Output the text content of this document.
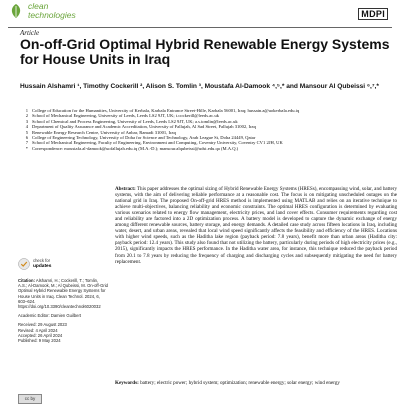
clean
technologies	MDPI
Article
On-off-Grid Optimal Hybrid Renewable Energy Systems for House Units in Iraq
Hussain Alshamri ¹, Timothy Cockerill ², Alison S. Tomlin ³, Moustafa Al-Damook ⁴,⁵,* and Mansour Al Qubeissi ⁶,⁷,*
1 College of Education for the Humanities, University of Kerbala, Karbala Entrance Street-Hille, Karbala 56001, Iraq; hussain.a@uokerbala.edu.iq
2 School of Mechanical Engineering, University of Leeds, Leeds LS2 9JT, UK; t.cockerill@leeds.ac.uk
3 School of Chemical and Process Engineering, University of Leeds, Leeds LS2 9JT, UK; a.s.tomlin@leeds.ac.uk
4 Department of Quality Assurance and Academic Accreditation, University of Fallujah, Al Sad Street, Fallujah 31002, Iraq
5 Renewable Energy Research Centre, University of Anbar, Ramadi 31001, Iraq
6 College of Engineering Technology, University of Doha for Science and Technology, Arab League St, Doha 24449, Qatar
7 School of Mechanical Engineering, Faculty of Engineering, Environment and Computing, Coventry University, Coventry CV1 2JH, UK
* Correspondence: moustafa.al-damook@uofallujah.edu.iq (M.A.-D.); mansour.alqubeissi@udst.edu.qa (M.A.Q.)

Abstract: This paper addresses the optimal sizing of Hybrid Renewable Energy Systems (HRESs), encompassing wind, solar, and battery systems, with the aim of delivering reliable performance at a reasonable cost. The focus is on mitigating unscheduled outages on the national grid in Iraq. The proposed On-off-grid HRES method is implemented using MATLAB and relies on an iterative technique to achieve multi-objectives, balancing reliability and economic constraints. The optimal HRES configuration is determined by evaluating various scenarios related to energy flow management, electricity prices, and land cover effects. Consumer requirements regarding cost and reliability are factored into a 2D optimization process. A battery model is developed to capture the dynamic exchange of energy among different renewable sources, battery storage, and energy demands. A detailed case study across fifteen locations in Iraq, including water, desert, and urban areas, revealed that local wind speed significantly affects the feasibility and efficiency of the HRES. Locations with higher wind speeds, such as the Haditha lake region (payback period: 7.8 years), benefit more than urban areas (Haditha city: payback period: 12.4 years). This study also found that not utilizing the battery, particularly during periods of high electricity prices (e.g., 2015), significantly impacts the HRES performance. In the Haditha water area, for instance, this technique reduced the payback period from 20.1 to 7.8 years by reducing the frequency of charging and discharging cycles and subsequently mitigating the need for battery replacement.

Keywords: battery; electric power; hybrid system; optimization; renewable energy; solar energy; wind energy

check for
updates
Citation: Alshamri, H.; Cockerill, T.; Tomlin, A.S.; Al-Damook, M.; Al Qubeissi, M. On-off-Grid Optimal Hybrid Renewable Energy Systems for House Units in Iraq. Clean Technol. 2024, 6, 603–624. https://doi.org/10.3390/cleantechnol6020032
Academic Editor: Damien Guilbert
Received: 29 August 2023
Revised: 4 April 2024
Accepted: 26 April 2024
Published: 9 May 2024
cc by
